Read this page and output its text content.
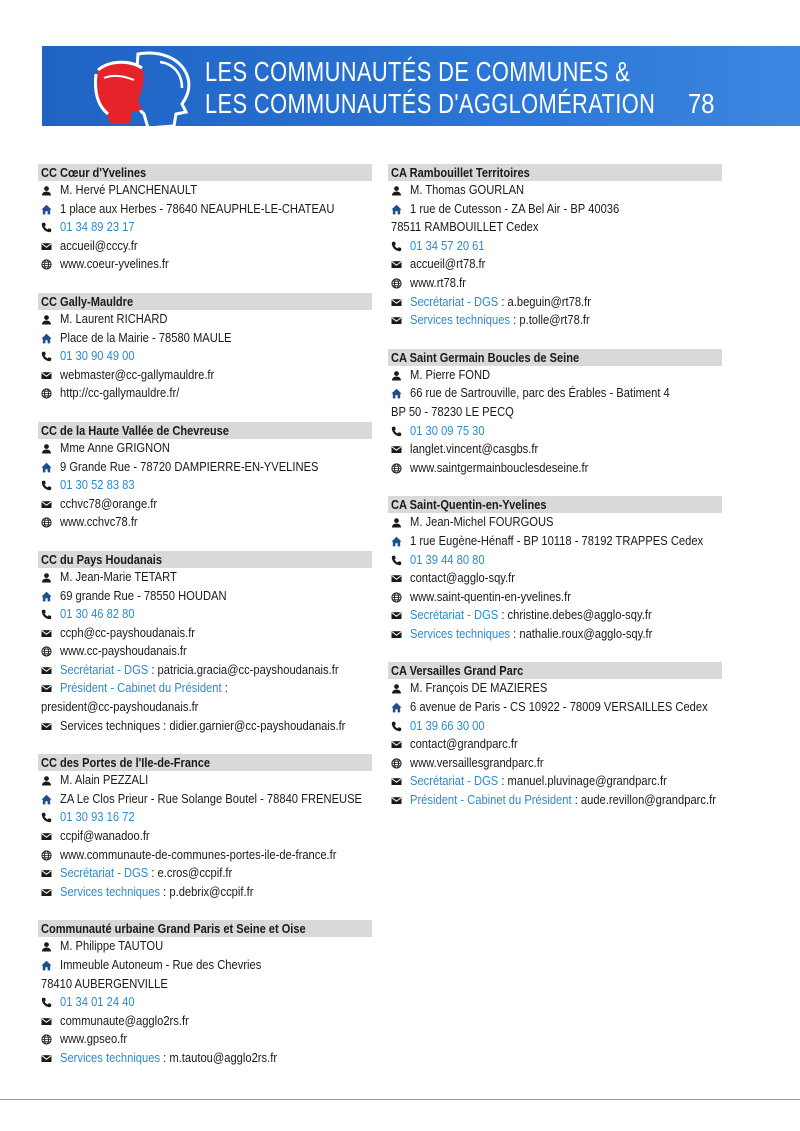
LES COMMUNAUTÉS DE COMMUNES &
LES COMMUNAUTÉS D'AGGLOMÉRATION 78
CC Cœur d'Yvelines
M. Hervé PLANCHENAULT
1 place aux Herbes - 78640 NEAUPHLE-LE-CHATEAU
01 34 89 23 17
accueil@cccy.fr
www.coeur-yvelines.fr
CC Gally-Mauldre
M. Laurent RICHARD
Place de la Mairie - 78580 MAULE
01 30 90 49 00
webmaster@cc-gallymauldre.fr
http://cc-gallymauldre.fr/
CC de la Haute Vallée de Chevreuse
Mme Anne GRIGNON
9 Grande Rue - 78720 DAMPIERRE-EN-YVELINES
01 30 52 83 83
cchvc78@orange.fr
www.cchvc78.fr
CC du Pays Houdanais
M. Jean-Marie TETART
69 grande Rue - 78550 HOUDAN
01 30 46 82 80
ccph@cc-payshoudanais.fr
www.cc-payshoudanais.fr
Secrétariat - DGS : patricia.gracia@cc-payshoudanais.fr
Président - Cabinet du Président :
president@cc-payshoudanais.fr
Services techniques : didier.garnier@cc-payshoudanais.fr
CC des Portes de l'Ile-de-France
M. Alain PEZZALI
ZA Le Clos Prieur - Rue Solange Boutel - 78840 FRENEUSE
01 30 93 16 72
ccpif@wanadoo.fr
www.communaute-de-communes-portes-ile-de-france.fr
Secrétariat - DGS : e.cros@ccpif.fr
Services techniques : p.debrix@ccpif.fr
Communauté urbaine Grand Paris et Seine et Oise
M. Philippe TAUTOU
Immeuble Autoneum - Rue des Chevries
78410 AUBERGENVILLE
01 34 01 24 40
communaute@agglo2rs.fr
www.gpseo.fr
Services techniques : m.tautou@agglo2rs.fr
CA Rambouillet Territoires
M. Thomas GOURLAN
1 rue de Cutesson - ZA Bel Air - BP 40036
78511 RAMBOUILLET Cedex
01 34 57 20 61
accueil@rt78.fr
www.rt78.fr
Secrétariat - DGS : a.beguin@rt78.fr
Services techniques : p.tolle@rt78.fr
CA Saint Germain Boucles de Seine
M. Pierre FOND
66 rue de Sartrouville, parc des Érables - Batiment 4
BP 50 - 78230 LE PECQ
01 30 09 75 30
langlet.vincent@casgbs.fr
www.saintgermainbouclesdeseine.fr
CA Saint-Quentin-en-Yvelines
M. Jean-Michel FOURGOUS
1 rue Eugène-Hénaff - BP 10118 - 78192 TRAPPES Cedex
01 39 44 80 80
contact@agglo-sqy.fr
www.saint-quentin-en-yvelines.fr
Secrétariat - DGS : christine.debes@agglo-sqy.fr
Services techniques : nathalie.roux@agglo-sqy.fr
CA Versailles Grand Parc
M. François DE MAZIERES
6 avenue de Paris - CS 10922 - 78009 VERSAILLES Cedex
01 39 66 30 00
contact@grandparc.fr
www.versaillesgrandparc.fr
Secrétariat - DGS : manuel.pluvinage@grandparc.fr
Président - Cabinet du Président : aude.revillon@grandparc.fr
